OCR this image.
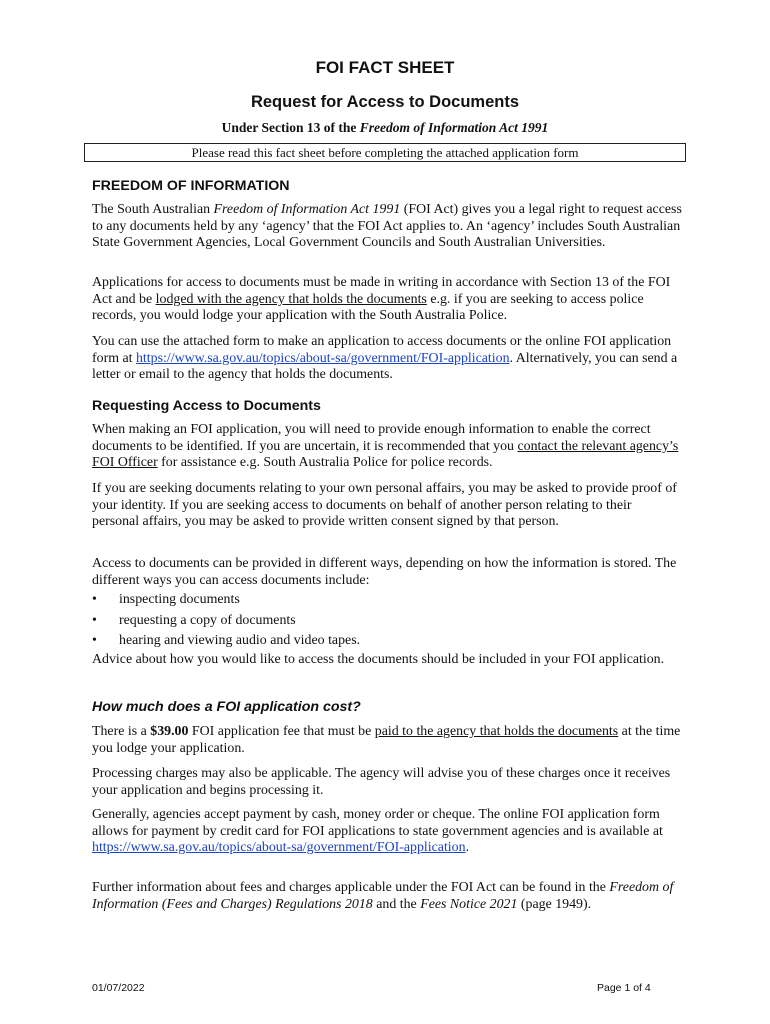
FOI FACT SHEET
Request for Access to Documents
Under Section 13 of the Freedom of Information Act 1991
Please read this fact sheet before completing the attached application form
FREEDOM OF INFORMATION

The South Australian Freedom of Information Act 1991 (FOI Act) gives you a legal right to request access to any documents held by any ‘agency’ that the FOI Act applies to. An ‘agency’ includes South Australian State Government Agencies, Local Government Councils and South Australian Universities.

Applications for access to documents must be made in writing in accordance with Section 13 of the FOI Act and be lodged with the agency that holds the documents e.g. if you are seeking to access police records, you would lodge your application with the South Australia Police.

You can use the attached form to make an application to access documents or the online FOI application form at https://www.sa.gov.au/topics/about-sa/government/FOI-application. Alternatively, you can send a letter or email to the agency that holds the documents.

Requesting Access to Documents

When making an FOI application, you will need to provide enough information to enable the correct documents to be identified. If you are uncertain, it is recommended that you contact the relevant agency’s FOI Officer for assistance e.g. South Australia Police for police records.

If you are seeking documents relating to your own personal affairs, you may be asked to provide proof of your identity. If you are seeking access to documents on behalf of another person relating to their personal affairs, you may be asked to provide written consent signed by that person.

Access to documents can be provided in different ways, depending on how the information is stored. The different ways you can access documents include:

• inspecting documents
• requesting a copy of documents
• hearing and viewing audio and video tapes.

Advice about how you would like to access the documents should be included in your FOI application.

How much does a FOI application cost?

There is a $39.00 FOI application fee that must be paid to the agency that holds the documents at the time you lodge your application.

Processing charges may also be applicable. The agency will advise you of these charges once it receives your application and begins processing it.

Generally, agencies accept payment by cash, money order or cheque. The online FOI application form allows for payment by credit card for FOI applications to state government agencies and is available at https://www.sa.gov.au/topics/about-sa/government/FOI-application.

Further information about fees and charges applicable under the FOI Act can be found in the Freedom of Information (Fees and Charges) Regulations 2018 and the Fees Notice 2021 (page 1949).

01/07/2022	Page 1 of 4
